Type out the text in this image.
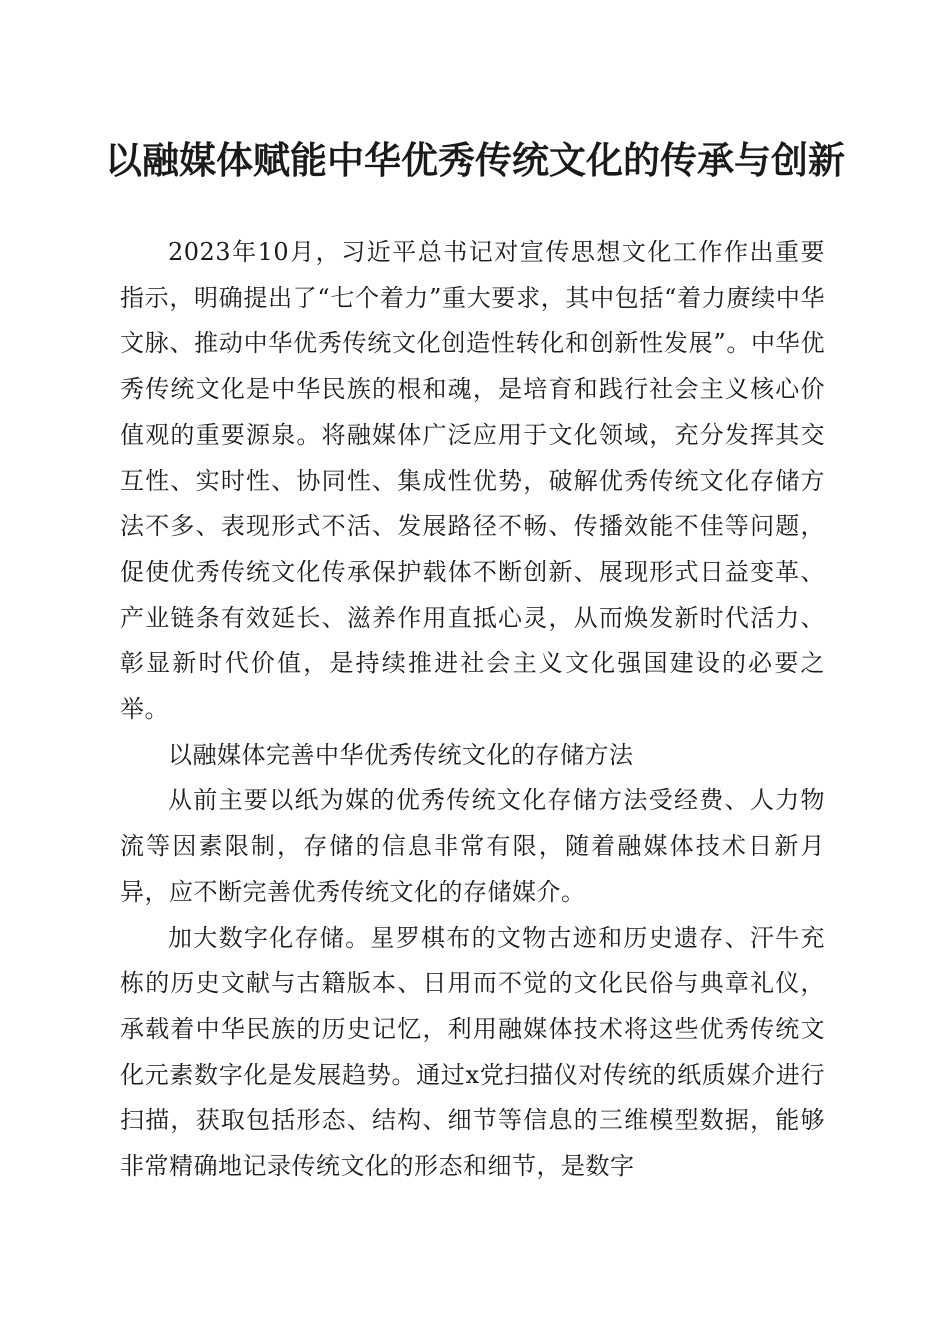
以融媒体赋能中华优秀传统文化的传承与创新

2023年10月，习近平总书记对宣传思想文化工作作出重要指示，明确提出了“七个着力”重大要求，其中包括“着力赓续中华文脉、推动中华优秀传统文化创造性转化和创新性发展”。中华优秀传统文化是中华民族的根和魂，是培育和践行社会主义核心价值观的重要源泉。将融媒体广泛应用于文化领域，充分发挥其交互性、实时性、协同性、集成性优势，破解优秀传统文化存储方法不多、表现形式不活、发展路径不畅、传播效能不佳等问题，促使优秀传统文化传承保护载体不断创新、展现形式日益变革、产业链条有效延长、滋养作用直抵心灵，从而焕发新时代活力、彰显新时代价值，是持续推进社会主义文化强国建设的必要之举。

以融媒体完善中华优秀传统文化的存储方法

从前主要以纸为媒的优秀传统文化存储方法受经费、人力物流等因素限制，存储的信息非常有限，随着融媒体技术日新月异，应不断完善优秀传统文化的存储媒介。

加大数字化存储。星罗棋布的文物古迹和历史遗存、汗牛充栋的历史文献与古籍版本、日用而不觉的文化民俗与典章礼仪，承载着中华民族的历史记忆，利用融媒体技术将这些优秀传统文化元素数字化是发展趋势。通过x党扫描仪对传统的纸质媒介进行扫描，获取包括形态、结构、细节等信息的三维模型数据，能够非常精确地记录传统文化的形态和细节，是数字
